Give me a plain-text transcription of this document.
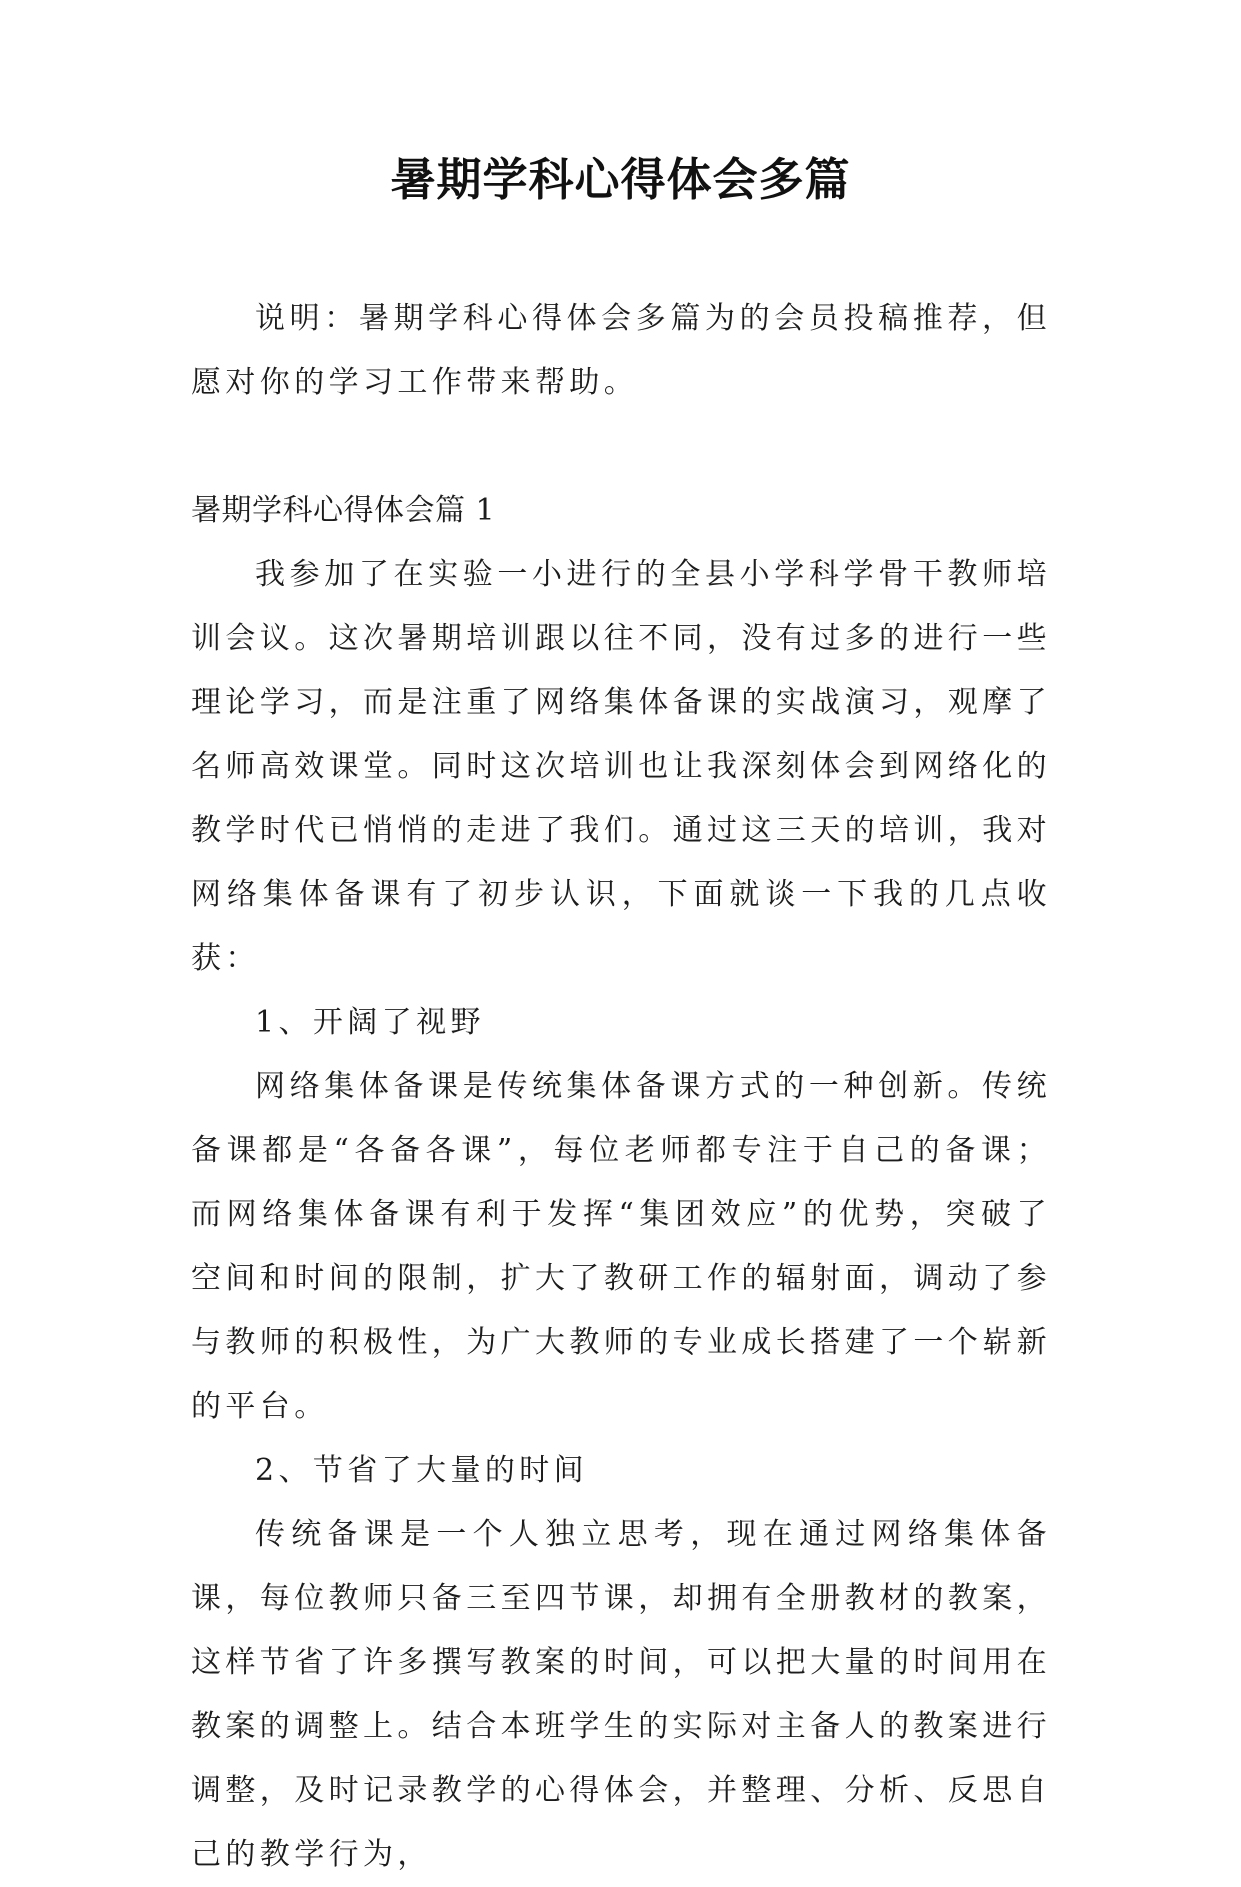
暑期学科心得体会多篇

说明：暑期学科心得体会多篇为的会员投稿推荐，但愿对你的学习工作带来帮助。

暑期学科心得体会篇 1

我参加了在实验一小进行的全县小学科学骨干教师培训会议。这次暑期培训跟以往不同，没有过多的进行一些理论学习，而是注重了网络集体备课的实战演习，观摩了名师高效课堂。同时这次培训也让我深刻体会到网络化的教学时代已悄悄的走进了我们。通过这三天的培训，我对网络集体备课有了初步认识，下面就谈一下我的几点收获：

1、开阔了视野

网络集体备课是传统集体备课方式的一种创新。传统备课都是“各备各课”，每位老师都专注于自己的备课；而网络集体备课有利于发挥“集团效应”的优势，突破了空间和时间的限制，扩大了教研工作的辐射面，调动了参与教师的积极性，为广大教师的专业成长搭建了一个崭新的平台。

2、节省了大量的时间

传统备课是一个人独立思考，现在通过网络集体备课，每位教师只备三至四节课，却拥有全册教材的教案，这样节省了许多撰写教案的时间，可以把大量的时间用在教案的调整上。结合本班学生的实际对主备人的教案进行调整，及时记录教学的心得体会，并整理、分析、反思自己的教学行为，
